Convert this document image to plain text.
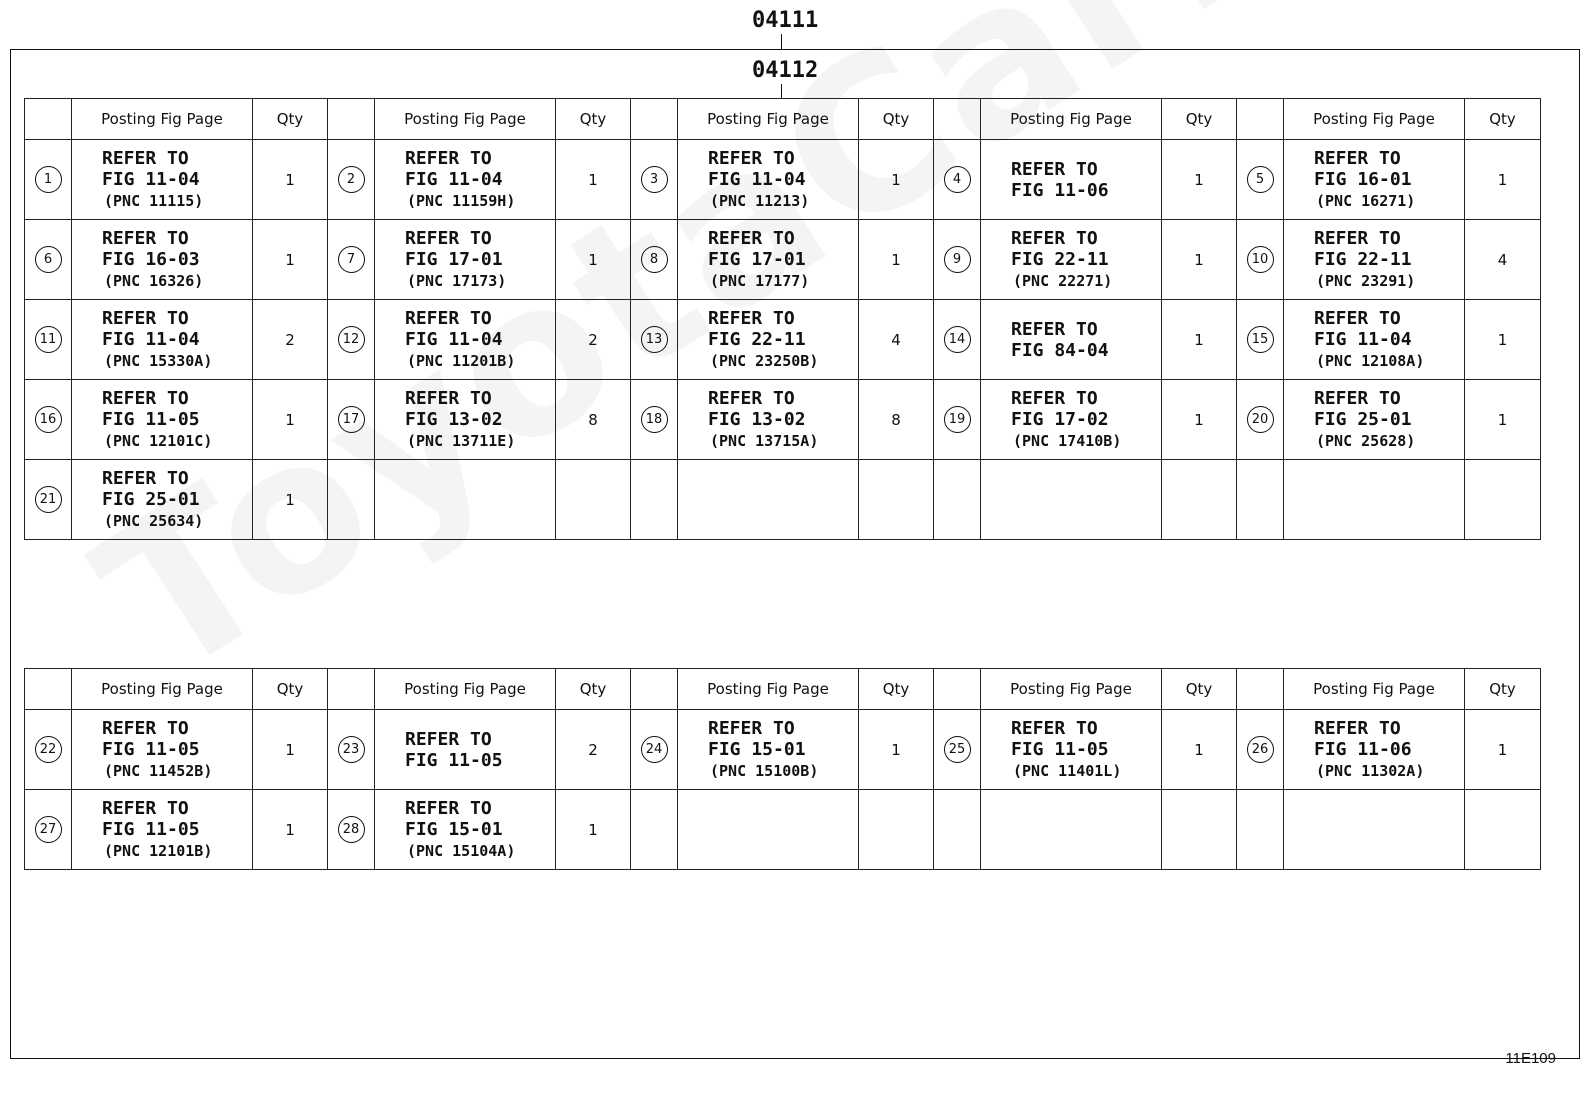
04111
04112
	Posting Fig Page	Qty		Posting Fig Page	Qty		Posting Fig Page	Qty		Posting Fig Page	Qty		Posting Fig Page	Qty
1	REFER TO
FIG 11-04
(PNC 11115)	1	2	REFER TO
FIG 11-04
(PNC 11159H)	1	3	REFER TO
FIG 11-04
(PNC 11213)	1	4	REFER TO
FIG 11-06	1	5	REFER TO
FIG 16-01
(PNC 16271)	1
6	REFER TO
FIG 16-03
(PNC 16326)	1	7	REFER TO
FIG 17-01
(PNC 17173)	1	8	REFER TO
FIG 17-01
(PNC 17177)	1	9	REFER TO
FIG 22-11
(PNC 22271)	1	10	REFER TO
FIG 22-11
(PNC 23291)	4
11	REFER TO
FIG 11-04
(PNC 15330A)	2	12	REFER TO
FIG 11-04
(PNC 11201B)	2	13	REFER TO
FIG 22-11
(PNC 23250B)	4	14	REFER TO
FIG 84-04	1	15	REFER TO
FIG 11-04
(PNC 12108A)	1
16	REFER TO
FIG 11-05
(PNC 12101C)	1	17	REFER TO
FIG 13-02
(PNC 13711E)	8	18	REFER TO
FIG 13-02
(PNC 13715A)	8	19	REFER TO
FIG 17-02
(PNC 17410B)	1	20	REFER TO
FIG 25-01
(PNC 25628)	1
21	REFER TO
FIG 25-01
(PNC 25634)	1												
	Posting Fig Page	Qty		Posting Fig Page	Qty		Posting Fig Page	Qty		Posting Fig Page	Qty		Posting Fig Page	Qty
22	REFER TO
FIG 11-05
(PNC 11452B)	1	23	REFER TO
FIG 11-05	2	24	REFER TO
FIG 15-01
(PNC 15100B)	1	25	REFER TO
FIG 11-05
(PNC 11401L)	1	26	REFER TO
FIG 11-06
(PNC 11302A)	1
27	REFER TO
FIG 11-05
(PNC 12101B)	1	28	REFER TO
FIG 15-01
(PNC 15104A)	1									
11E109
